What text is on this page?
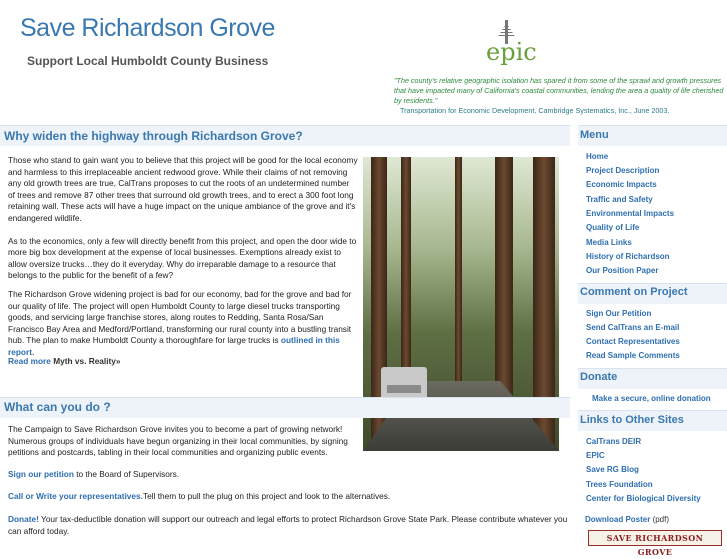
Save Richardson Grove
Support Local Humboldt County Business	epic
"The county's relative geographic isolation has spared it from some of the sprawl and growth pressures that have impacted many of California's coastal communities, lending the area a quality of life cherished by residents."
Transportation for Economic Development, Cambridge Systematics, Inc., June 2003.
Why widen the highway through Richardson Grove?

Those who stand to gain want you to believe that this project will be good for the local economy and harmless to this irreplaceable ancient redwood grove. While their claims of not removing any old growth trees are true, CalTrans proposes to cut the roots of an undetermined number of trees and remove 87 other trees that surround old growth trees, and to erect a 300 foot long retaining wall. These acts will have a huge impact on the unique ambiance of the grove and it's endangered wildlife.

As to the economics, only a few will directly benefit from this project, and open the door wide to more big box development at the expense of local businesses. Exemptions already exist to allow oversize trucks…they do it everyday. Why do irreparable damage to a resource that belongs to the public for the benefit of a few?

The Richardson Grove widening project is bad for our economy, bad for the grove and bad for our quality of life. The project will open Humboldt County to large diesel trucks transporting goods, and servicing large franchise stores, along routes to Redding, Santa Rosa/San Francisco Bay Area and Medford/Portland, transforming our rural county into a bustling transit hub. The plan to make Humboldt County a thoroughfare for large trucks is outlined in this report.
Read more Myth vs. Reality»
What can you do ?
The Campaign to Save Richardson Grove invites you to become a part of growing network! Numerous groups of individuals have begun organizing in their local communities, by signing petitions and postcards, tabling in their local communities and organizing public events.
Sign our petition to the Board of Supervisors.
Call or Write your representatives.Tell them to pull the plug on this project and look to the alternatives.
Donate! Your tax-deductible donation will support our outreach and legal efforts to protect Richardson Grove State Park. Please contribute whatever you can afford today.
Menu
Home
Project Description
Economic Impacts
Traffic and Safety
Environmental Impacts
Quality of Life
Media Links
History of Richardson
Our Position Paper
Comment on Project
Sign Our Petition
Send CalTrans an E-mail
Contact Representatives
Read Sample Comments
Donate
Make a secure, online donation
Links to Other Sites
CalTrans DEIR
EPIC
Save RG Blog
Trees Foundation
Center for Biological Diversity
Download Poster (pdf)
SAVE RICHARDSON GROVE
